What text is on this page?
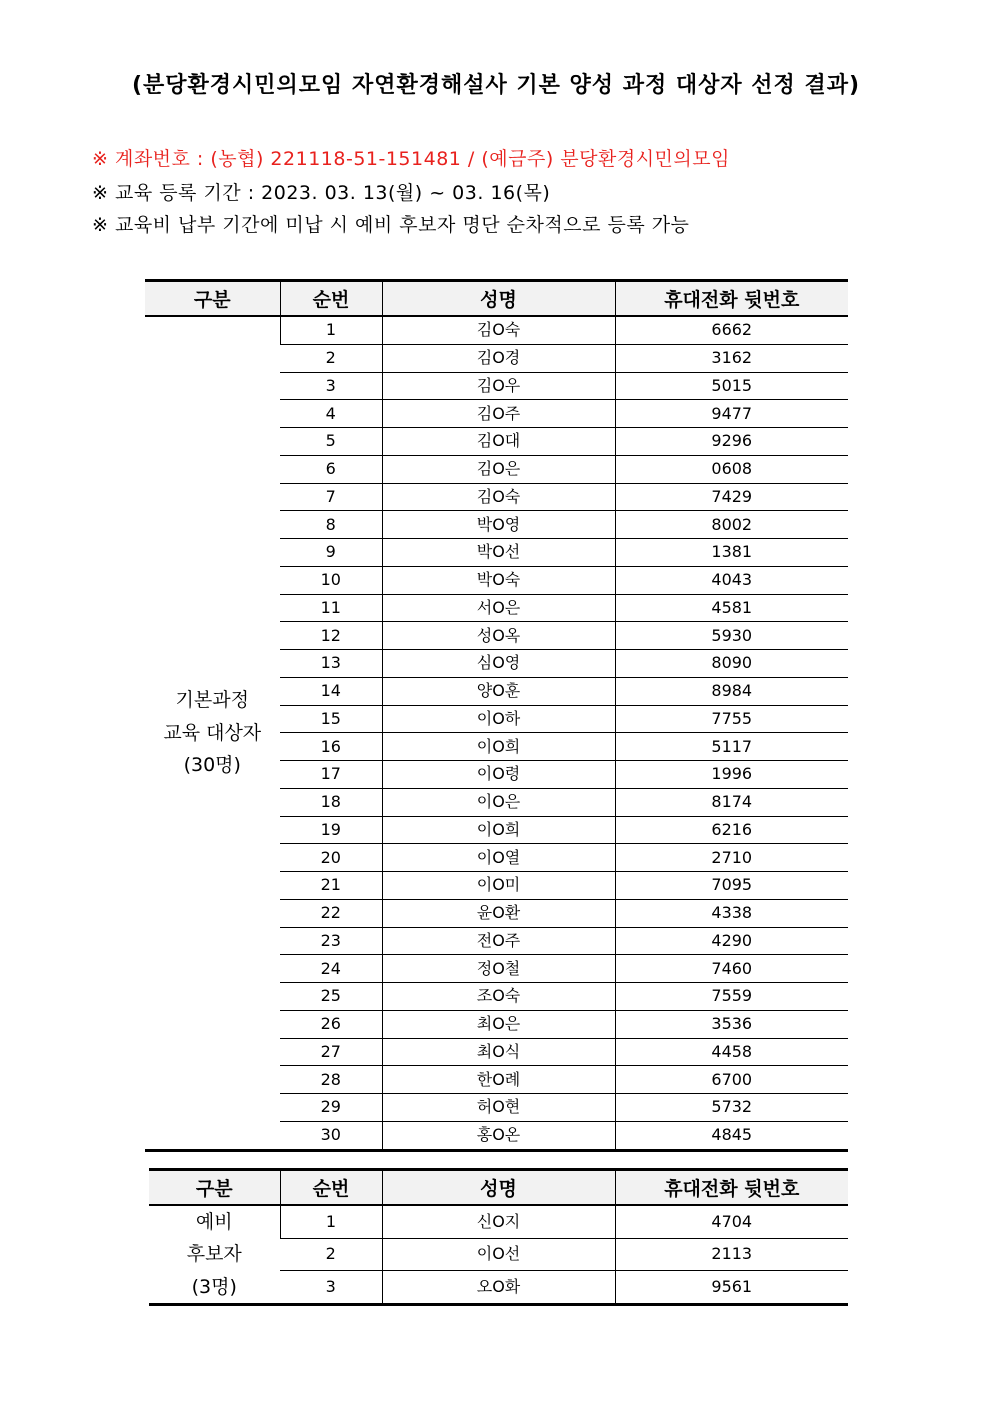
(분당환경시민의모임 자연환경해설사 기본 양성 과정 대상자 선정 결과)
※ 계좌번호 : (농협) 221118-51-151481 / (예금주) 분당환경시민의모임
※ 교육 등록 기간 : 2023. 03. 13(월) ~ 03. 16(목)
※ 교육비 납부 기간에 미납 시 예비 후보자 명단 순차적으로 등록 가능
구분	순번	성명	휴대전화 뒷번호

기본과정
교육 대상자
(30명)	1	김O숙	6662
	2	김O경	3162
	3	김O우	5015
	4	김O주	9477
	5	김O대	9296
	6	김O은	0608
	7	김O숙	7429
	8	박O영	8002
	9	박O선	1381
	10	박O숙	4043
	11	서O은	4581
	12	성O옥	5930
	13	심O영	8090
	14	양O훈	8984
	15	이O하	7755
	16	이O희	5117
	17	이O령	1996
	18	이O은	8174
	19	이O희	6216
	20	이O열	2710
	21	이O미	7095
	22	윤O환	4338
	23	전O주	4290
	24	정O철	7460
	25	조O숙	7559
	26	최O은	3536
	27	최O식	4458
	28	한O례	6700
	29	허O현	5732
	30	홍O온	4845
구분	순번	성명	휴대전화 뒷번호

예비
후보자
(3명)	1	신O지	4704
	2	이O선	2113
	3	오O화	9561
